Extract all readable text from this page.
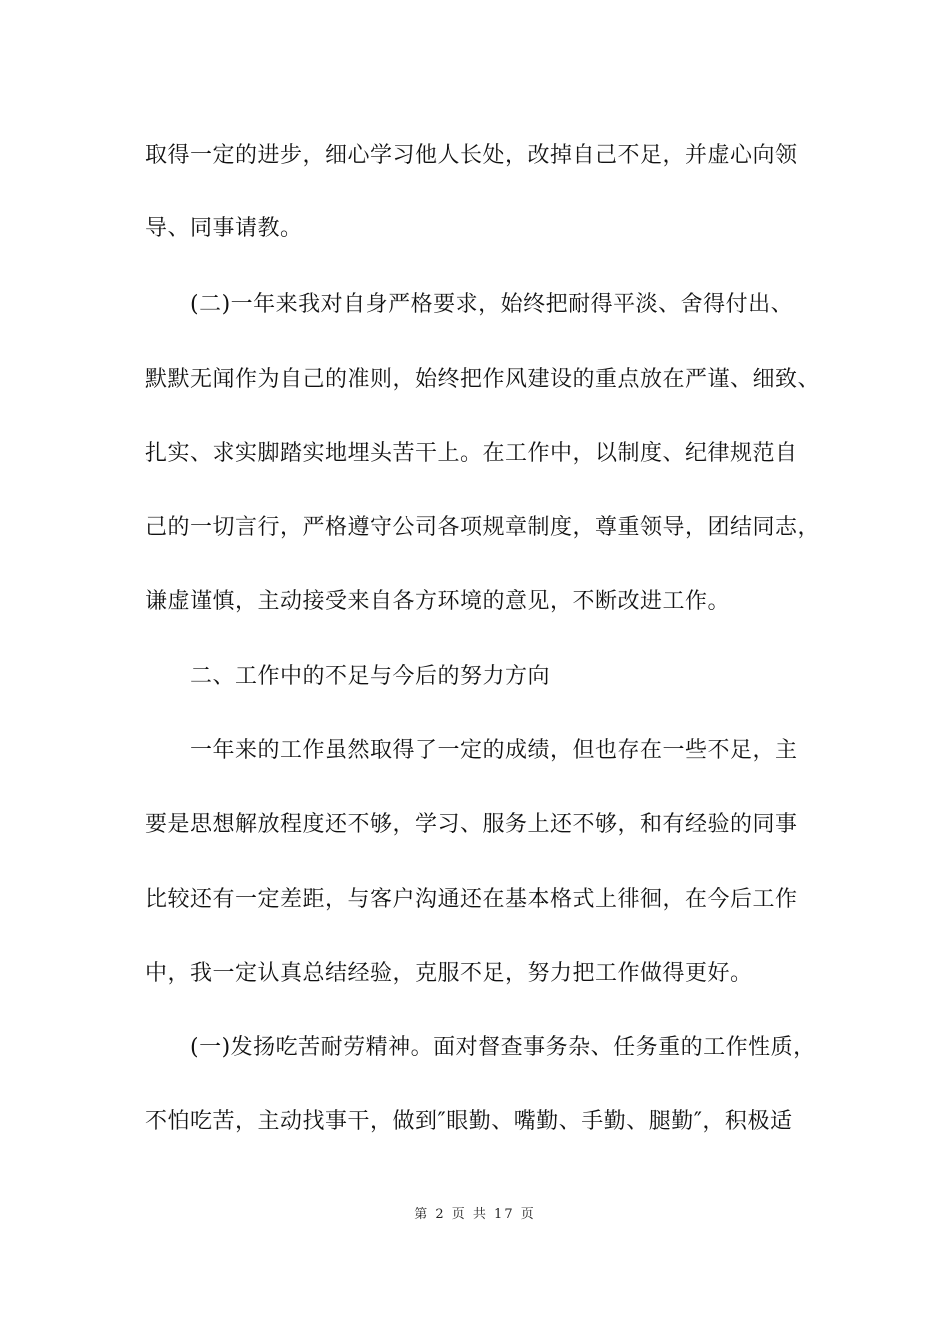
取得一定的进步，细心学习他人长处，改掉自己不足，并虚心向领
导、同事请教。
(二)一年来我对自身严格要求，始终把耐得平淡、舍得付出、
默默无闻作为自己的准则，始终把作风建设的重点放在严谨、细致、
扎实、求实脚踏实地埋头苦干上。在工作中，以制度、纪律规范自
己的一切言行，严格遵守公司各项规章制度，尊重领导，团结同志，
谦虚谨慎，主动接受来自各方环境的意见，不断改进工作。
二、工作中的不足与今后的努力方向
一年来的工作虽然取得了一定的成绩，但也存在一些不足，主
要是思想解放程度还不够，学习、服务上还不够，和有经验的同事
比较还有一定差距，与客户沟通还在基本格式上徘徊，在今后工作
中，我一定认真总结经验，克服不足，努力把工作做得更好。
(一)发扬吃苦耐劳精神。面对督查事务杂、任务重的工作性质，
不怕吃苦，主动找事干，做到″眼勤、嘴勤、手勤、腿勤″，积极适
第 2 页 共 17 页
